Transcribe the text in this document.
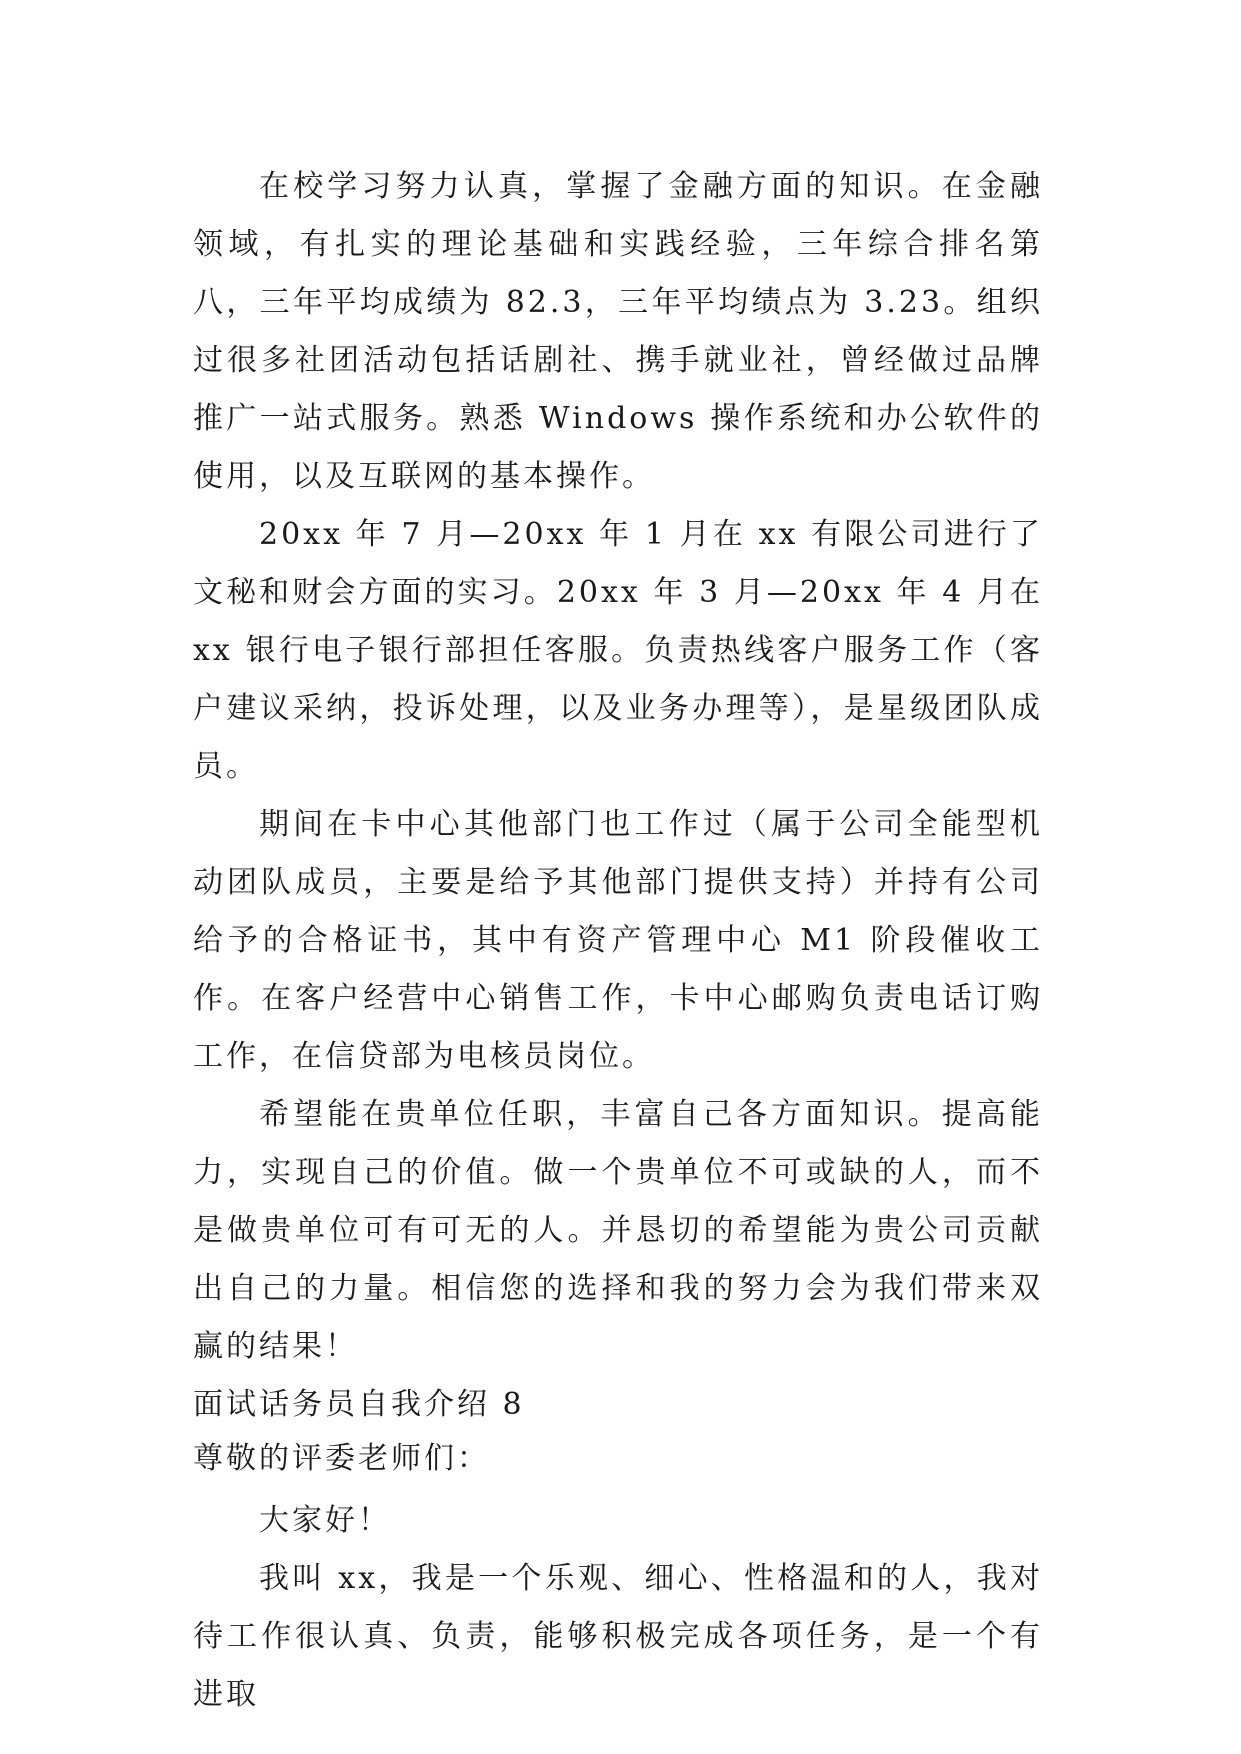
在校学习努力认真，掌握了金融方面的知识。在金融领域，有扎实的理论基础和实践经验，三年综合排名第八，三年平均成绩为 82.3，三年平均绩点为 3.23。组织过很多社团活动包括话剧社、携手就业社，曾经做过品牌推广一站式服务。熟悉 Windows 操作系统和办公软件的使用，以及互联网的基本操作。

20xx 年 7 月—20xx 年 1 月在 xx 有限公司进行了文秘和财会方面的实习。20xx 年 3 月—20xx 年 4 月在 xx 银行电子银行部担任客服。负责热线客户服务工作（客户建议采纳，投诉处理，以及业务办理等），是星级团队成员。

期间在卡中心其他部门也工作过（属于公司全能型机动团队成员，主要是给予其他部门提供支持）并持有公司给予的合格证书，其中有资产管理中心 M1 阶段催收工作。在客户经营中心销售工作，卡中心邮购负责电话订购工作，在信贷部为电核员岗位。

希望能在贵单位任职，丰富自己各方面知识。提高能力，实现自己的价值。做一个贵单位不可或缺的人，而不是做贵单位可有可无的人。并恳切的希望能为贵公司贡献出自己的力量。相信您的选择和我的努力会为我们带来双赢的结果！

面试话务员自我介绍 8

尊敬的评委老师们：

大家好！

我叫 xx，我是一个乐观、细心、性格温和的人，我对待工作很认真、负责，能够积极完成各项任务，是一个有进取
